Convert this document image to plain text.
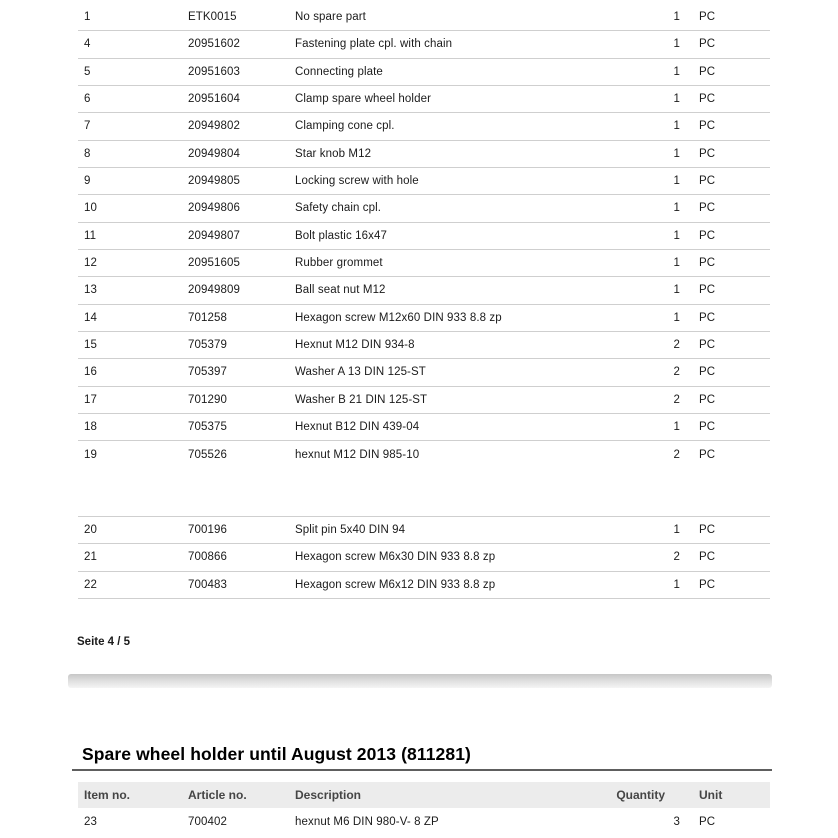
1	ETK0015	No spare part	1	PC
4	20951602	Fastening plate cpl. with chain	1	PC
5	20951603	Connecting plate	1	PC
6	20951604	Clamp spare wheel holder	1	PC
7	20949802	Clamping cone cpl.	1	PC
8	20949804	Star knob M12	1	PC
9	20949805	Locking screw with hole	1	PC
10	20949806	Safety chain cpl.	1	PC
11	20949807	Bolt plastic 16x47	1	PC
12	20951605	Rubber grommet	1	PC
13	20949809	Ball seat nut M12	1	PC
14	701258	Hexagon screw M12x60 DIN 933 8.8 zp	1	PC
15	705379	Hexnut M12 DIN 934-8	2	PC
16	705397	Washer A 13 DIN 125-ST	2	PC
17	701290	Washer B 21 DIN 125-ST	2	PC
18	705375	Hexnut B12 DIN 439-04	1	PC
19	705526	hexnut M12 DIN 985-10	2	PC
20	700196	Split pin 5x40 DIN 94	1	PC
21	700866	Hexagon screw M6x30 DIN 933 8.8 zp	2	PC
22	700483	Hexagon screw M6x12 DIN 933 8.8 zp	1	PC
Seite 4 / 5
Spare wheel holder until August 2013 (811281)
Item no.	Article no.	Description	Quantity	Unit
23	700402	hexnut M6 DIN 980-V- 8 ZP	3	PC
